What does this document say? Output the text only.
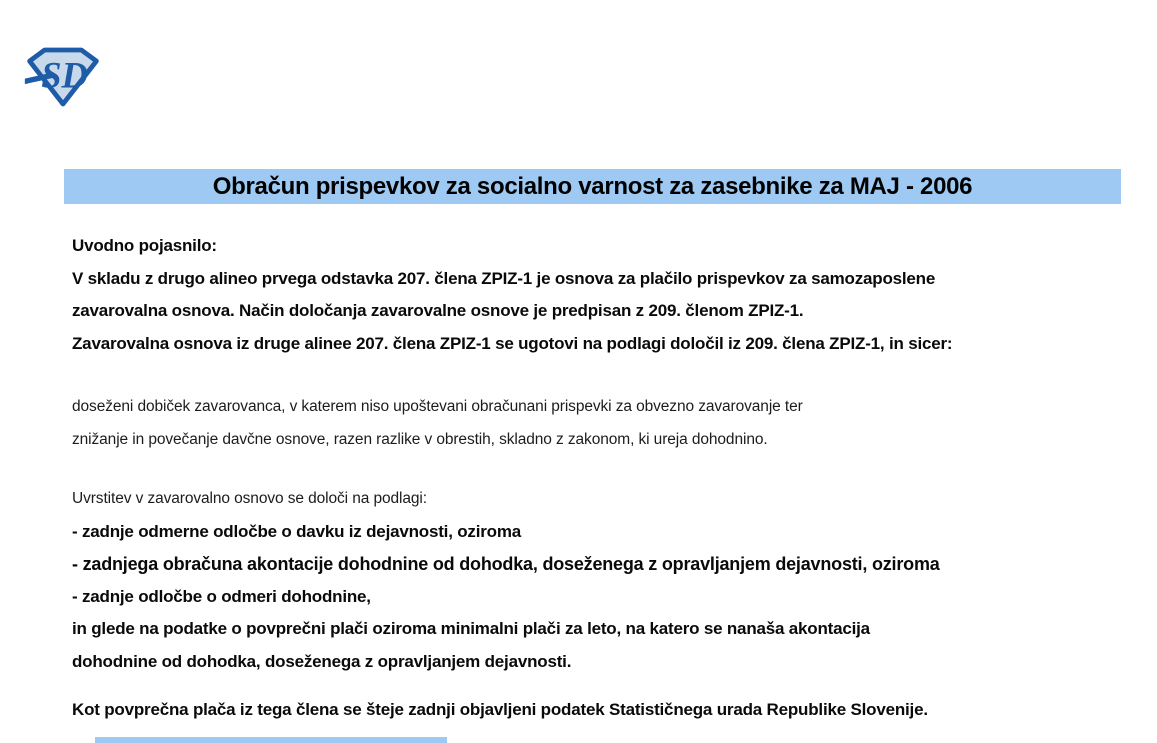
SD
Obračun prispevkov za socialno varnost za zasebnike za MAJ - 2006
Uvodno pojasnilo:
V skladu z drugo alineo prvega odstavka 207. člena ZPIZ-1 je osnova za plačilo prispevkov za samozaposlene
zavarovalna osnova. Način določanja zavarovalne osnove je predpisan z 209. členom ZPIZ-1.
Zavarovalna osnova iz druge alinee 207. člena ZPIZ-1 se ugotovi na podlagi določil iz 209. člena ZPIZ-1, in sicer:
doseženi dobiček zavarovanca, v katerem niso upoštevani obračunani prispevki za obvezno zavarovanje ter
znižanje in povečanje davčne osnove, razen razlike v obrestih, skladno z zakonom, ki ureja dohodnino.
Uvrstitev v zavarovalno osnovo se določi na podlagi:
- zadnje odmerne odločbe o davku iz dejavnosti, oziroma
- zadnjega obračuna akontacije dohodnine od dohodka, doseženega z opravljanjem dejavnosti, oziroma
- zadnje odločbe o odmeri dohodnine,
in glede na podatke o povprečni plači oziroma minimalni plači za leto, na katero se nanaša akontacija
dohodnine od dohodka, doseženega z opravljanjem dejavnosti.
Kot povprečna plača iz tega člena se šteje zadnji objavljeni podatek Statističnega urada Republike Slovenije.
